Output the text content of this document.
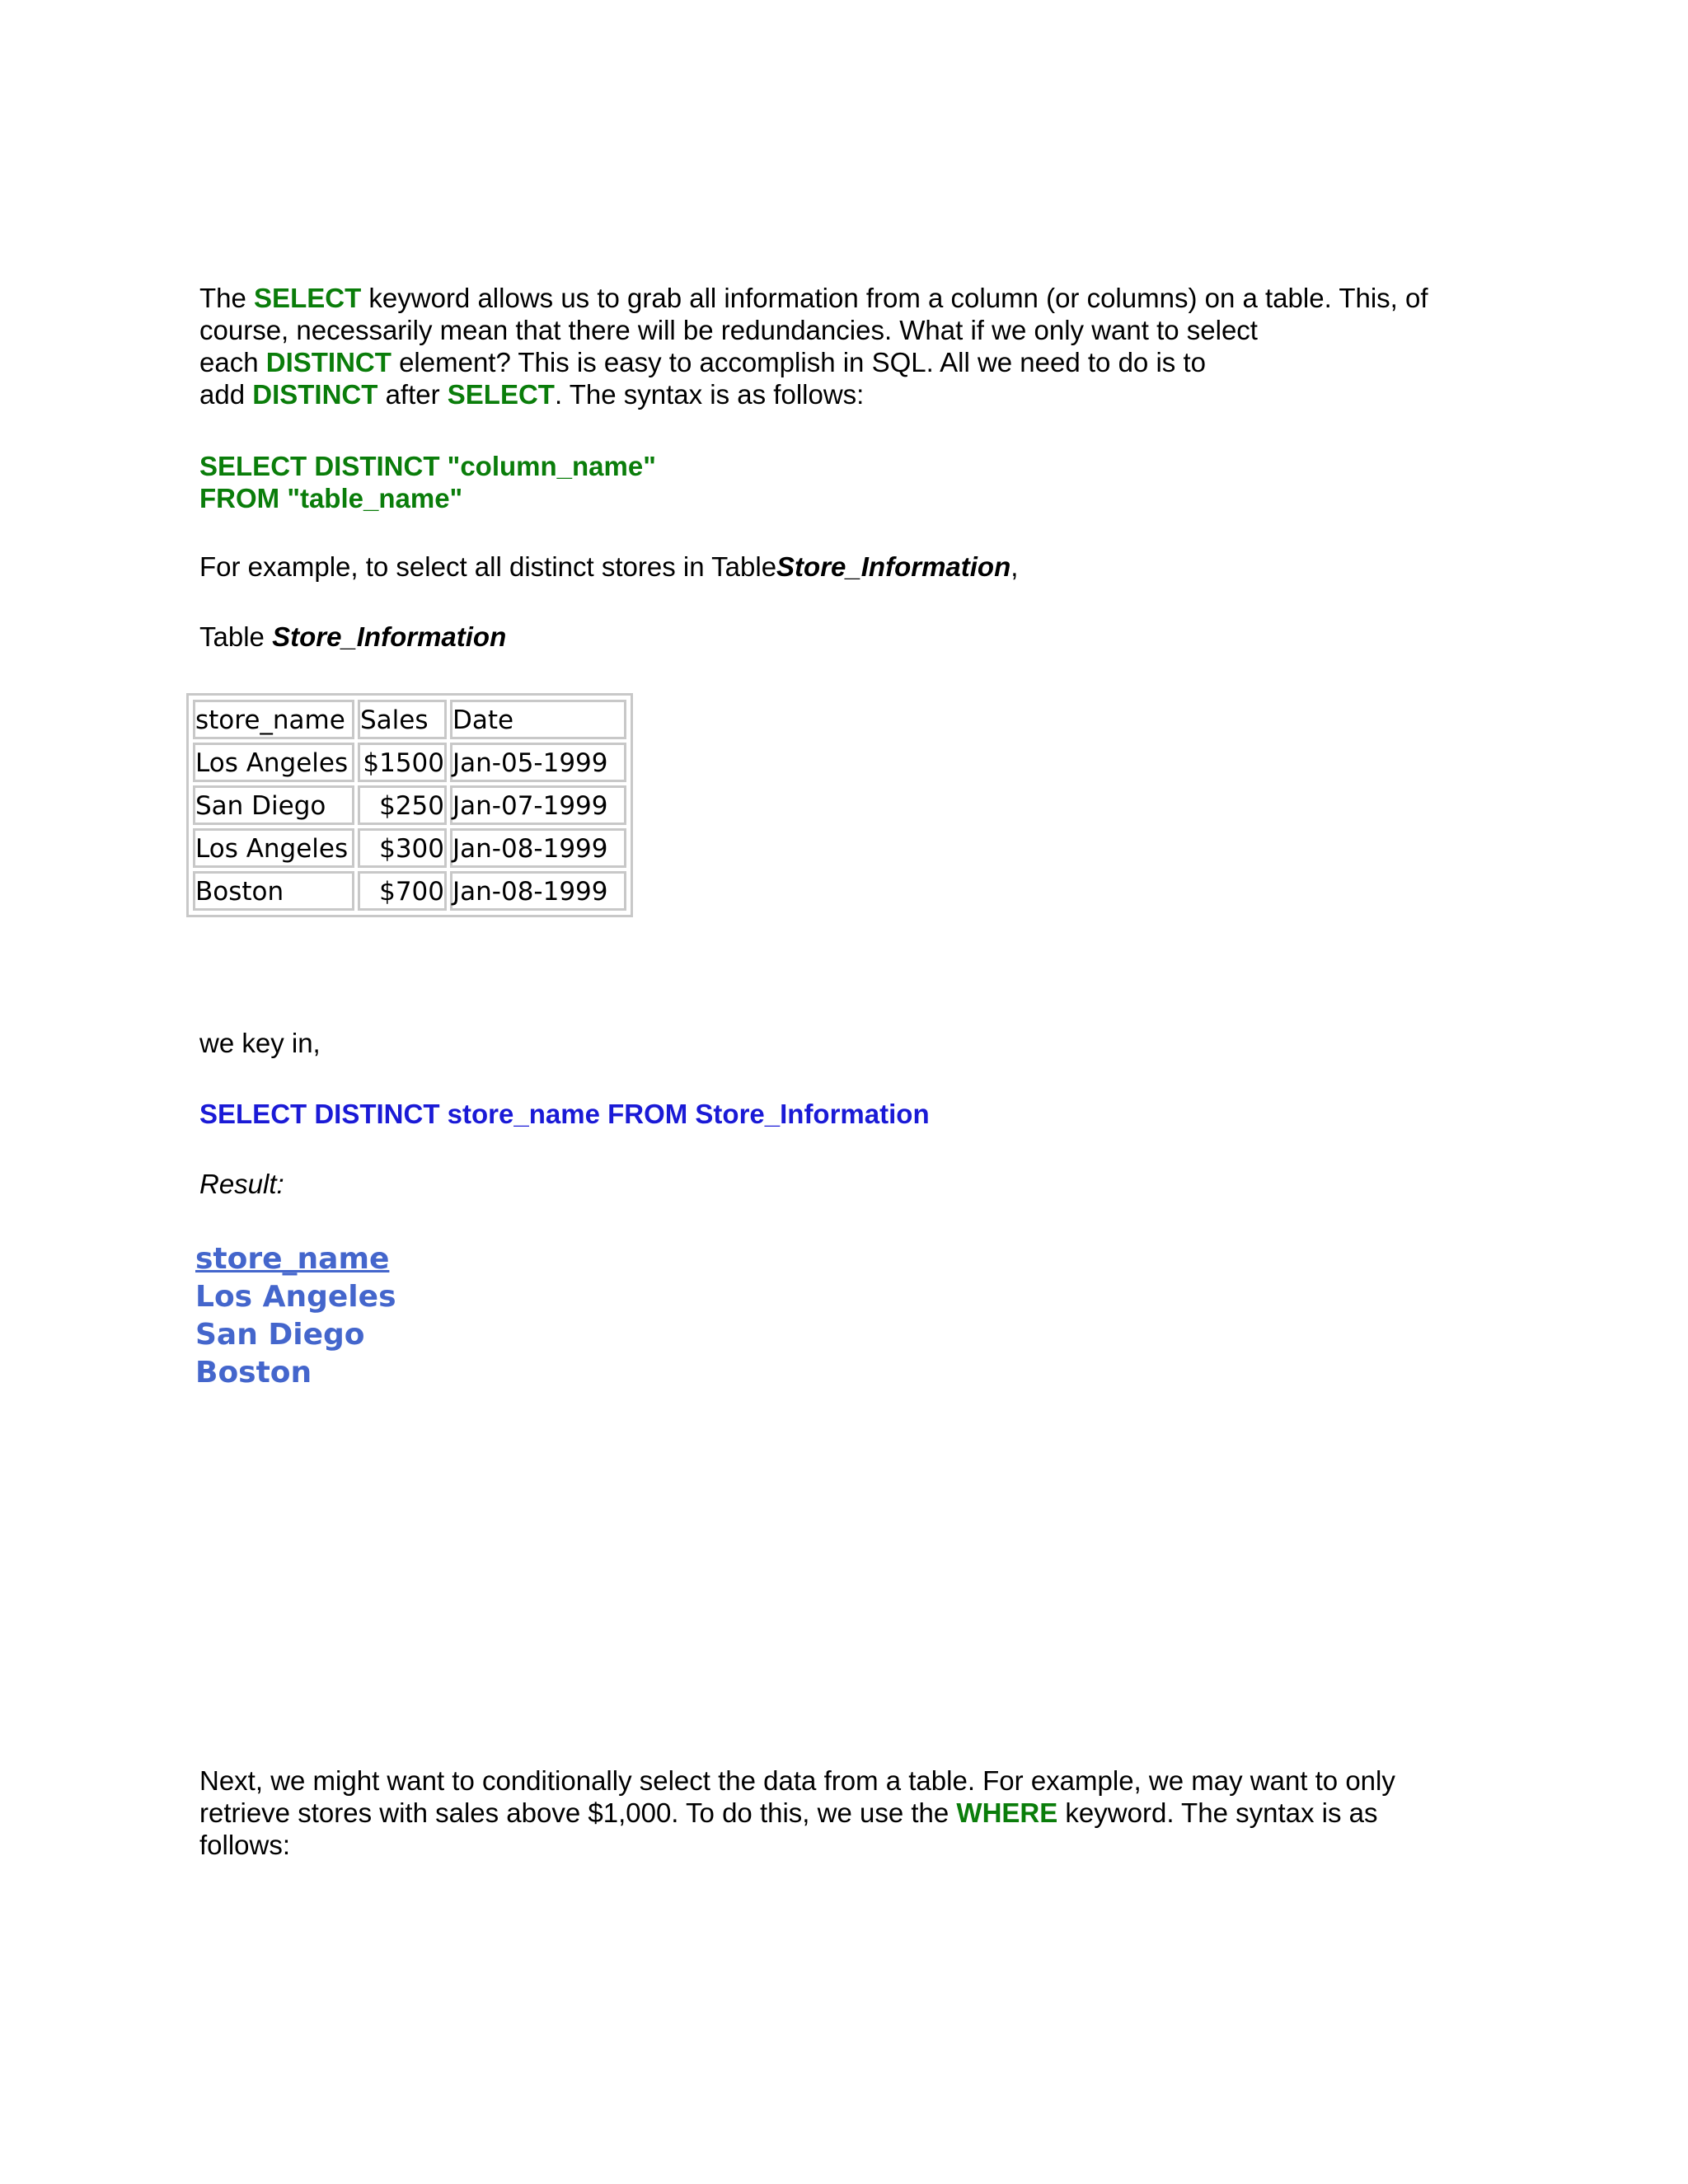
The SELECT keyword allows us to grab all information from a column (or columns) on a table. This, of

course, necessarily mean that there will be redundancies. What if we only want to select

each DISTINCT element? This is easy to accomplish in SQL. All we need to do is to

add DISTINCT after SELECT. The syntax is as follows:

SELECT DISTINCT "column_name"
FROM "table_name"
For example, to select all distinct stores in TableStore_Information,
Table Store_Information
store_name	Sales	Date
Los Angeles	$1500	Jan-05-1999
San Diego	$250	Jan-07-1999
Los Angeles	$300	Jan-08-1999
Boston	$700	Jan-08-1999
we key in,
SELECT DISTINCT store_name FROM Store_Information
Result:
store_name
Los Angeles
San Diego
Boston

Next, we might want to conditionally select the data from a table. For example, we may want to only

retrieve stores with sales above $1,000. To do this, we use the WHERE keyword. The syntax is as

follows:
